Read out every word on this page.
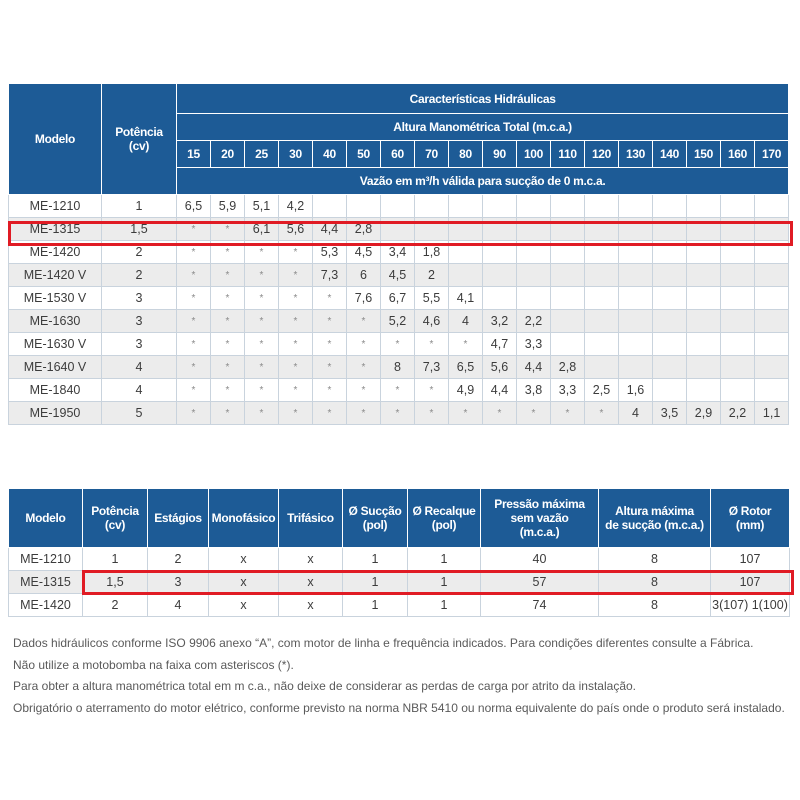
Modelo	Potência
(cv)	Características Hidráulicas																	
		Altura Manométrica Total (m.c.a.)																	
		15	20	25	30	40	50	60	70	80	90	100	110	120	130	140	150	160	170
		Vazão em m³/h válida para sucção de 0 m.c.a.																	
ME-1210	1	6,5	5,9	5,1	4,2														
ME-1315	1,5	*	*	6,1	5,6	4,4	2,8												
ME-1420	2	*	*	*	*	5,3	4,5	3,4	1,8										
ME-1420 V	2	*	*	*	*	7,3	6	4,5	2										
ME-1530 V	3	*	*	*	*	*	7,6	6,7	5,5	4,1									
ME-1630	3	*	*	*	*	*	*	5,2	4,6	4	3,2	2,2							
ME-1630 V	3	*	*	*	*	*	*	*	*	*	4,7	3,3							
ME-1640 V	4	*	*	*	*	*	*	8	7,3	6,5	5,6	4,4	2,8						
ME-1840	4	*	*	*	*	*	*	*	*	4,9	4,4	3,8	3,3	2,5	1,6				
ME-1950	5	*	*	*	*	*	*	*	*	*	*	*	*	*	4	3,5	2,9	2,2	1,1
Modelo	Potência
(cv)	Estágios	Monofásico	Trifásico	Ø Sucção
(pol)	Ø Recalque
(pol)	Pressão máxima
sem vazão
(m.c.a.)	Altura máxima
de sucção (m.c.a.)	Ø Rotor
(mm)
ME-1210	1	2	x	x	1	1	40	8	107
ME-1315	1,5	3	x	x	1	1	57	8	107
ME-1420	2	4	x	x	1	1	74	8	3(107) 1(100)

Dados hidráulicos conforme ISO 9906 anexo “A”, com motor de linha e frequência indicados. Para condições diferentes consulte a Fábrica.

Não utilize a motobomba na faixa com asteriscos (*).

Para obter a altura manométrica total em m c.a., não deixe de considerar as perdas de carga por atrito da instalação.

Obrigatório o aterramento do motor elétrico, conforme previsto na norma NBR 5410 ou norma equivalente do país onde o produto será instalado.
